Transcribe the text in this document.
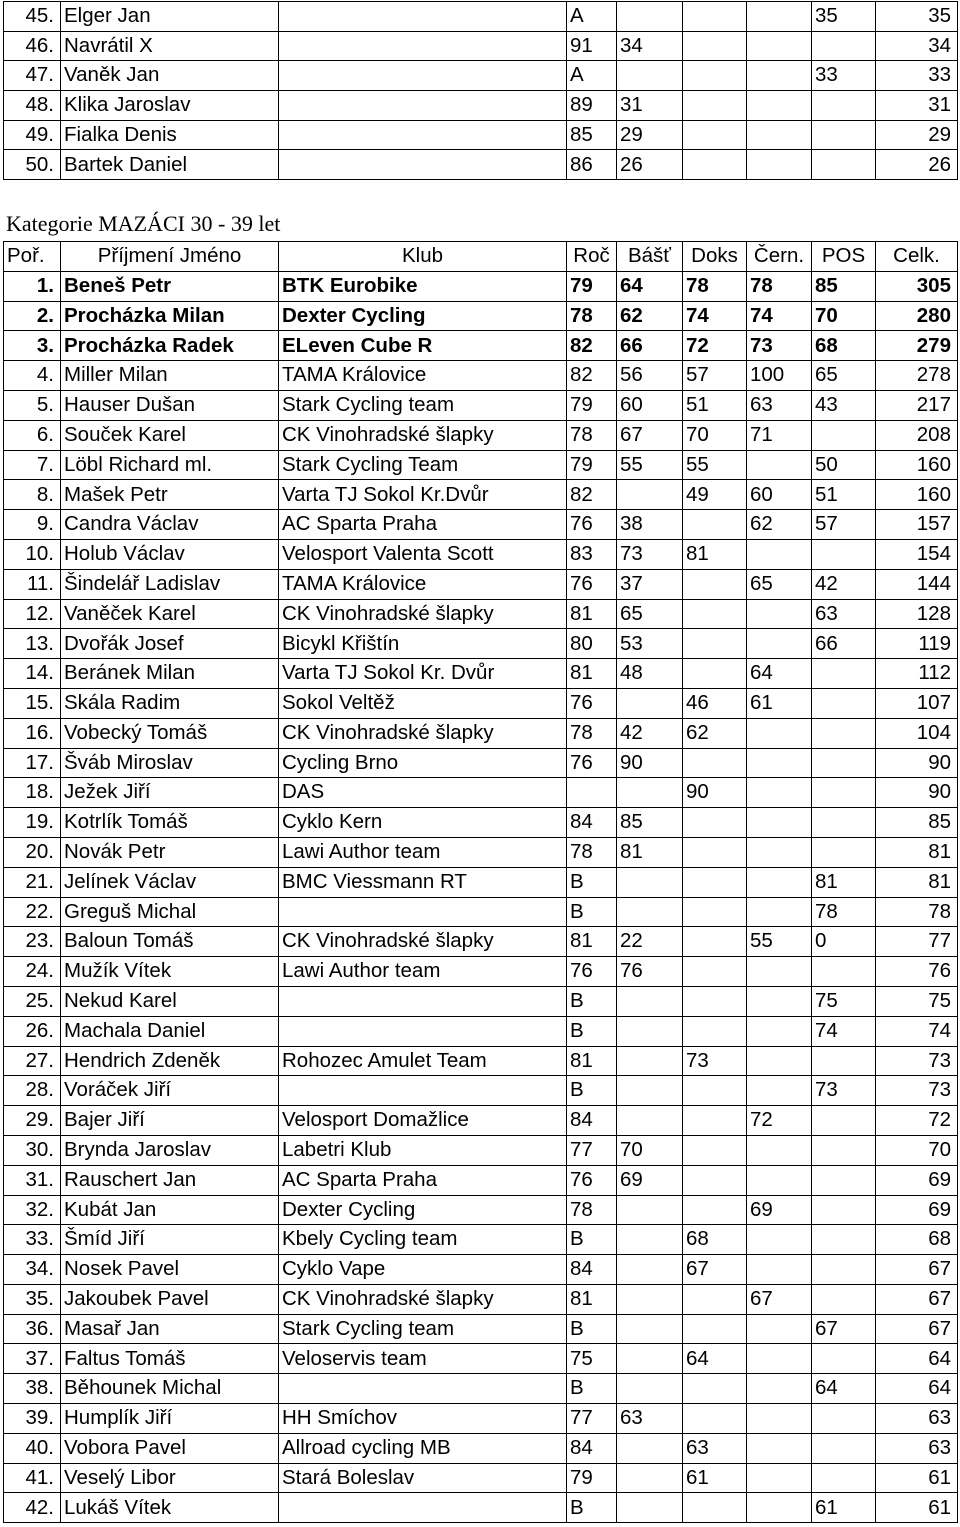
45.	Elger Jan		A				35	35
46.	Navrátil X		91	34				34
47.	Vaněk Jan		A				33	33
48.	Klika Jaroslav		89	31				31
49.	Fialka Denis		85	29				29
50.	Bartek Daniel		86	26				26
Kategorie MAZÁCI 30 - 39 let
Poř.	Příjmení Jméno	Klub	Roč	Bášť	Doks	Čern.	POS	Celk.
1.	Beneš Petr	BTK Eurobike	79	64	78	78	85	305
2.	Procházka Milan	Dexter Cycling	78	62	74	74	70	280
3.	Procházka Radek	ELeven Cube R	82	66	72	73	68	279
4.	Miller Milan	TAMA Královice	82	56	57	100	65	278
5.	Hauser Dušan	Stark Cycling team	79	60	51	63	43	217
6.	Souček Karel	CK Vinohradské šlapky	78	67	70	71		208
7.	Löbl Richard ml.	Stark Cycling Team	79	55	55		50	160
8.	Mašek Petr	Varta TJ Sokol Kr.Dvůr	82		49	60	51	160
9.	Candra Václav	AC Sparta Praha	76	38		62	57	157
10.	Holub Václav	Velosport Valenta Scott	83	73	81			154
11.	Šindelář Ladislav	TAMA Královice	76	37		65	42	144
12.	Vaněček Karel	CK Vinohradské šlapky	81	65			63	128
13.	Dvořák Josef	Bicykl Křištín	80	53			66	119
14.	Beránek Milan	Varta TJ Sokol Kr. Dvůr	81	48		64		112
15.	Skála Radim	Sokol Veltěž	76		46	61		107
16.	Vobecký Tomáš	CK Vinohradské šlapky	78	42	62			104
17.	Šváb Miroslav	Cycling Brno	76	90				90
18.	Ježek Jiří	DAS			90			90
19.	Kotrlík Tomáš	Cyklo Kern	84	85				85
20.	Novák Petr	Lawi Author team	78	81				81
21.	Jelínek Václav	BMC Viessmann RT	B				81	81
22.	Greguš Michal		B				78	78
23.	Baloun Tomáš	CK Vinohradské šlapky	81	22		55	0	77
24.	Mužík Vítek	Lawi Author team	76	76				76
25.	Nekud Karel		B				75	75
26.	Machala Daniel		B				74	74
27.	Hendrich Zdeněk	Rohozec Amulet Team	81		73			73
28.	Voráček Jiří		B				73	73
29.	Bajer Jiří	Velosport Domažlice	84			72		72
30.	Brynda Jaroslav	Labetri Klub	77	70				70
31.	Rauschert Jan	AC Sparta Praha	76	69				69
32.	Kubát Jan	Dexter Cycling	78			69		69
33.	Šmíd Jiří	Kbely Cycling team	B		68			68
34.	Nosek Pavel	Cyklo Vape	84		67			67
35.	Jakoubek Pavel	CK Vinohradské šlapky	81			67		67
36.	Masař Jan	Stark Cycling team	B				67	67
37.	Faltus Tomáš	Veloservis team	75		64			64
38.	Běhounek Michal		B				64	64
39.	Humplík Jiří	HH Smíchov	77	63				63
40.	Vobora Pavel	Allroad cycling MB	84		63			63
41.	Veselý Libor	Stará Boleslav	79		61			61
42.	Lukáš Vítek		B				61	61
